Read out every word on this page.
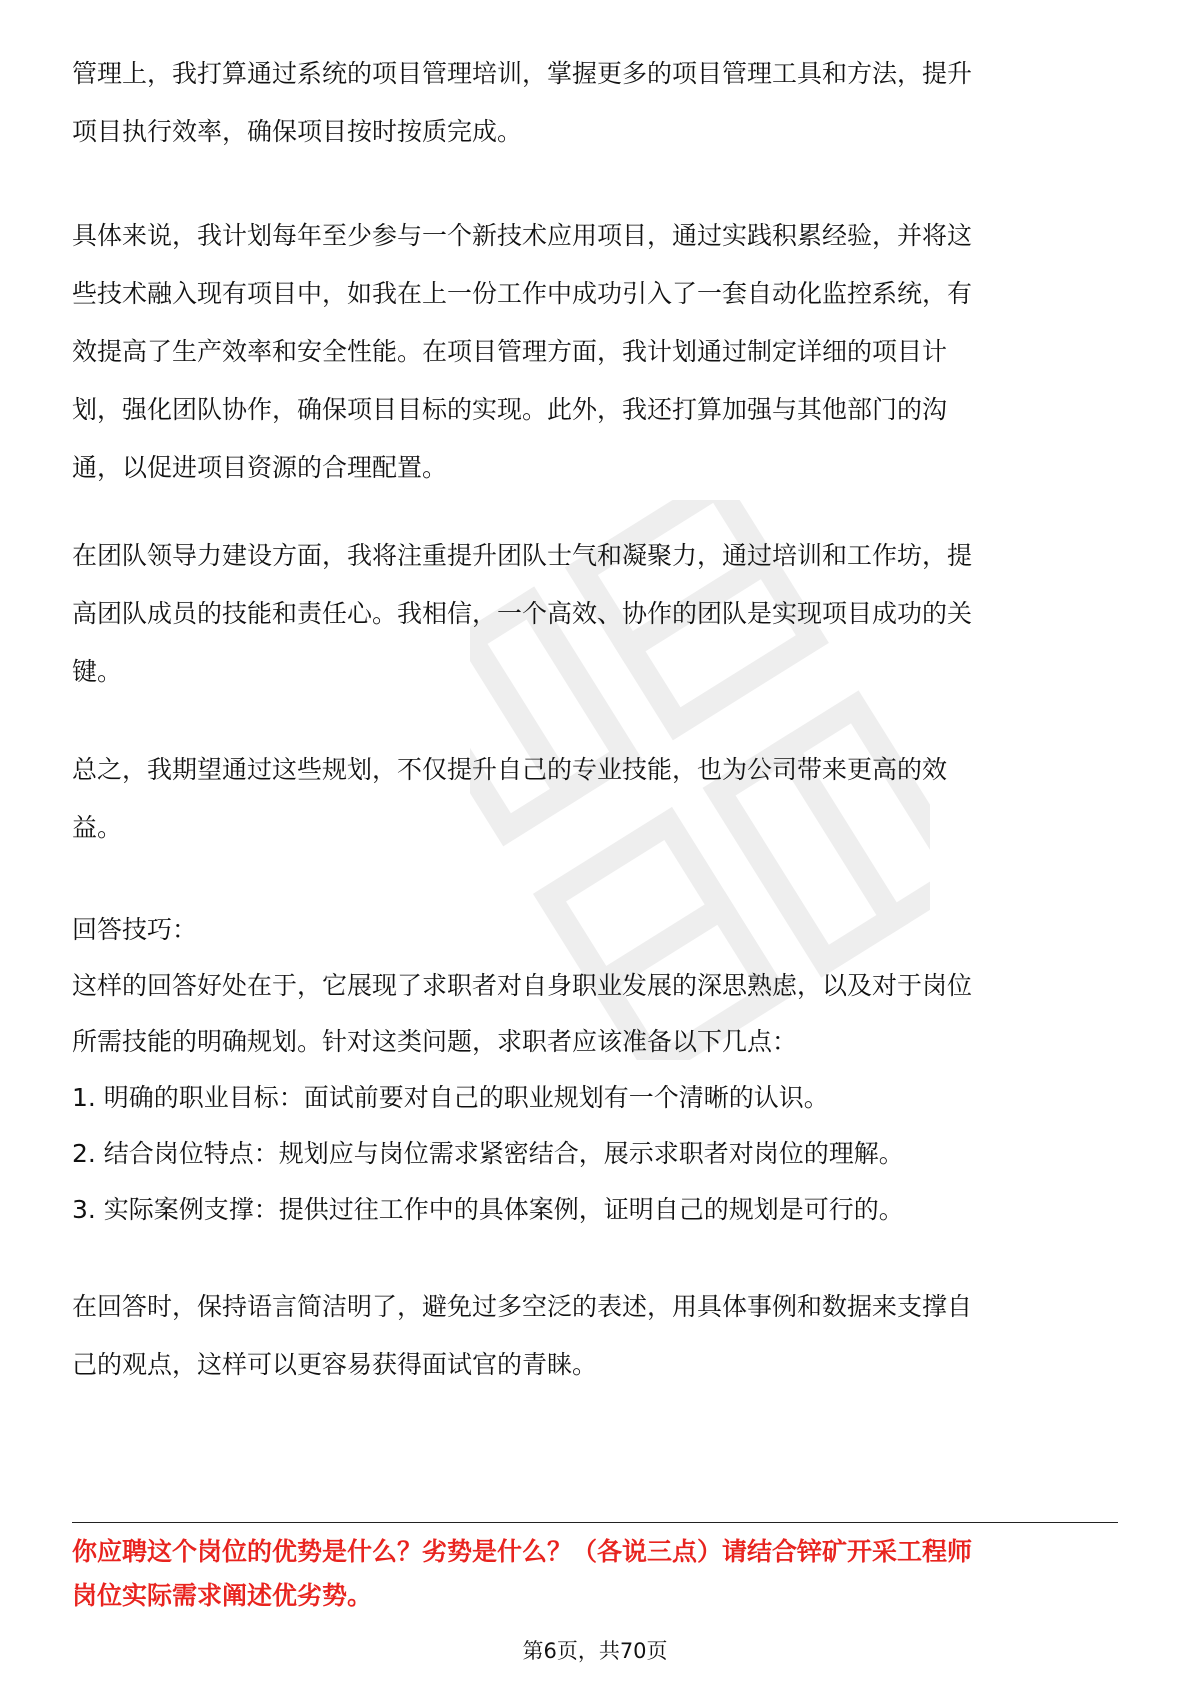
管理上，我打算通过系统的项目管理培训，掌握更多的项目管理工具和方法，提升
项目执行效率，确保项目按时按质完成。
具体来说，我计划每年至少参与一个新技术应用项目，通过实践积累经验，并将这
些技术融入现有项目中，如我在上一份工作中成功引入了一套自动化监控系统，有
效提高了生产效率和安全性能。在项目管理方面，我计划通过制定详细的项目计
划，强化团队协作，确保项目目标的实现。此外，我还打算加强与其他部门的沟
通，以促进项目资源的合理配置。
在团队领导力建设方面，我将注重提升团队士气和凝聚力，通过培训和工作坊，提
高团队成员的技能和责任心。我相信，一个高效、协作的团队是实现项目成功的关
键。
总之，我期望通过这些规划，不仅提升自己的专业技能，也为公司带来更高的效
益。
回答技巧：
这样的回答好处在于，它展现了求职者对自身职业发展的深思熟虑，以及对于岗位
所需技能的明确规划。针对这类问题，求职者应该准备以下几点：
1. 明确的职业目标：面试前要对自己的职业规划有一个清晰的认识。
2. 结合岗位特点：规划应与岗位需求紧密结合，展示求职者对岗位的理解。
3. 实际案例支撑：提供过往工作中的具体案例，证明自己的规划是可行的。
在回答时，保持语言简洁明了，避免过多空泛的表述，用具体事例和数据来支撑自
己的观点，这样可以更容易获得面试官的青睐。
你应聘这个岗位的优势是什么？劣势是什么？（各说三点）请结合锌矿开采工程师
岗位实际需求阐述优劣势。
第6页，共70页
